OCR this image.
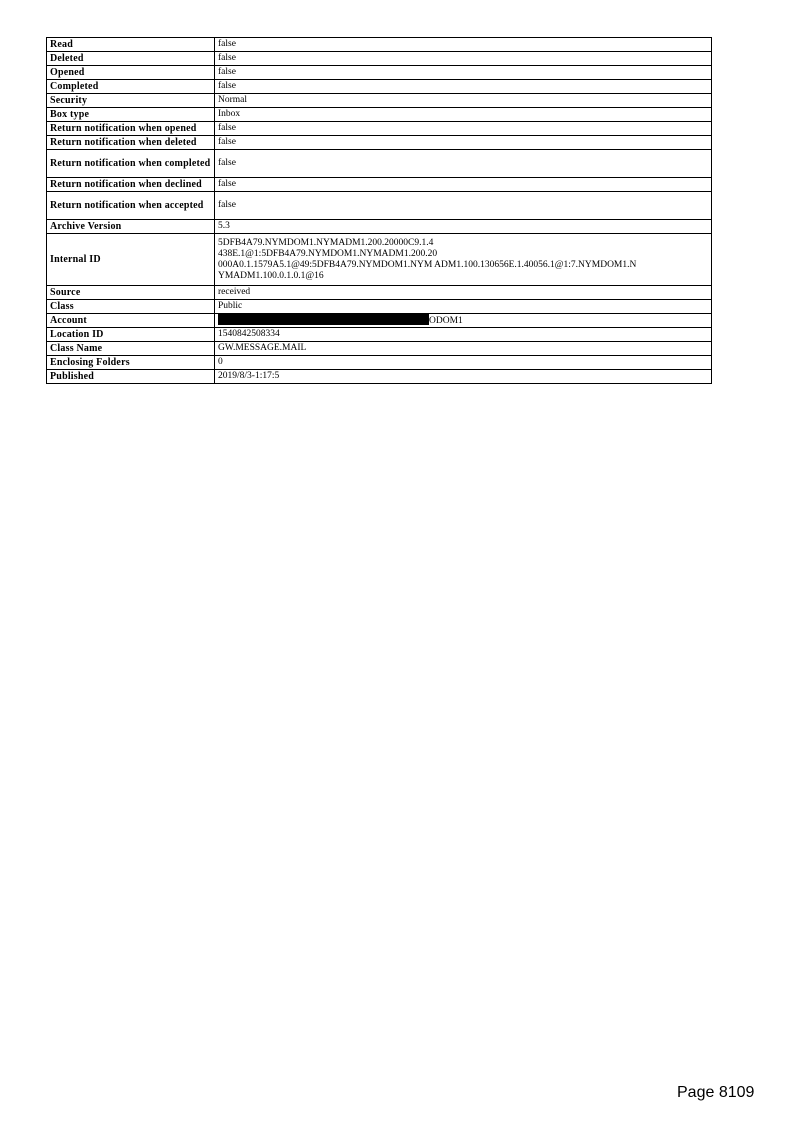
Read	false
Deleted	false
Opened	false
Completed	false
Security	Normal
Box type	Inbox
Return notification when opened	false
Return notification when deleted	false
Return notification when completed	false
Return notification when declined	false
Return notification when accepted	false
Archive Version	5.3
Internal ID	5DFB4A79.NYMDOM1.NYMADM1.200.20000C9.1.4
438E.1@1:5DFB4A79.NYMDOM1.NYMADM1.200.20
000A0.1.1579A5.1@49:5DFB4A79.NYMDOM1.NYM ADM1.100.130656E.1.40056.1@1:7.NYMDOM1.N
YMADM1.100.0.1.0.1@16

Source	received
Class	Public
Account	ODOM1
Location ID	1540842508334
Class Name	GW.MESSAGE.MAIL
Enclosing Folders	0
Published	2019/8/3-1:17:5
Page 8109
